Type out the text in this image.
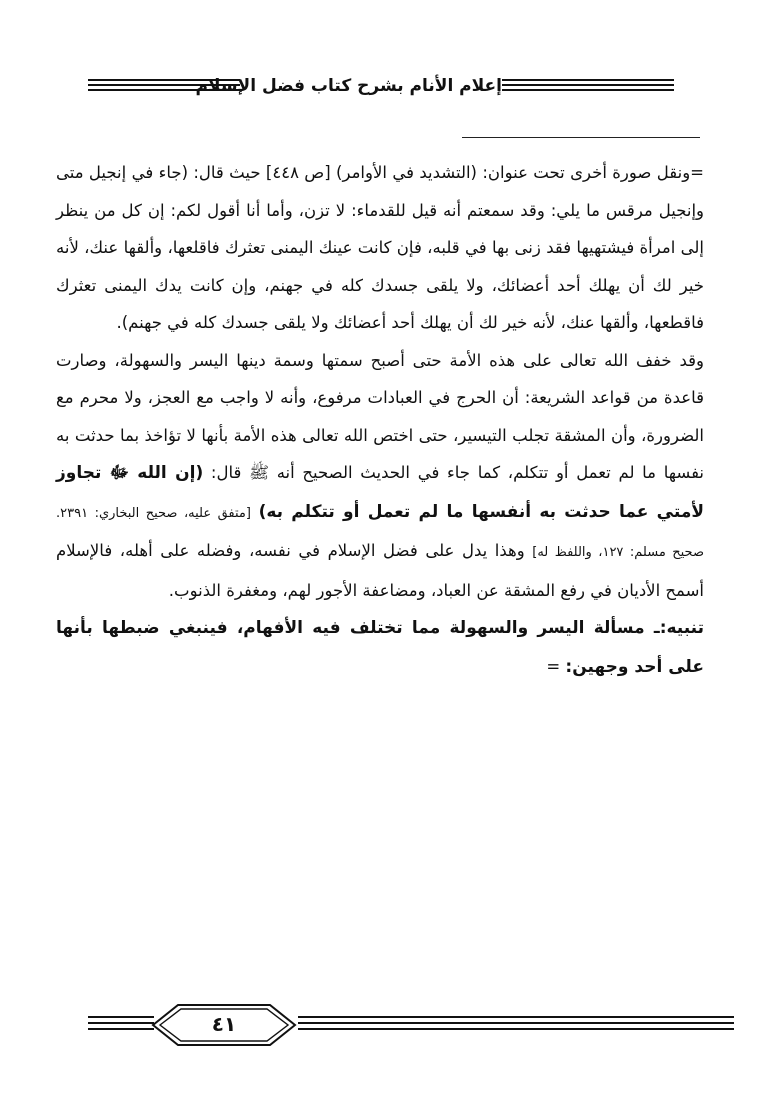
إعلام الأنام بشرح كتاب فضل الإسلام

=ونقل صورة أخرى تحت عنوان: (التشديد في الأوامر) [ص ٤٤٨] حيث قال: (جاء في إنجيل متى وإنجيل مرقس ما يلي: وقد سمعتم أنه قيل للقدماء: لا تزن، وأما أنا أقول لكم: إن كل من ينظر إلى امرأة فيشتهيها فقد زنى بها في قلبه، فإن كانت عينك اليمنى تعثرك فاقلعها، وألقها عنك، لأنه خير لك أن يهلك أحد أعضائك، ولا يلقى جسدك كله في جهنم، وإن كانت يدك اليمنى تعثرك فاقطعها، وألقها عنك، لأنه خير لك أن يهلك أحد أعضائك ولا يلقى جسدك كله في جهنم).

وقد خفف الله تعالى على هذه الأمة حتى أصبح سمتها وسمة دينها اليسر والسهولة، وصارت قاعدة من قواعد الشريعة: أن الحرج في العبادات مرفوع، وأنه لا واجب مع العجز، ولا محرم مع الضرورة، وأن المشقة تجلب التيسير، حتى اختص الله تعالى هذه الأمة بأنها لا تؤاخذ بما حدثت به نفسها ما لم تعمل أو تتكلم، كما جاء في الحديث الصحيح أنه ﷺ قال: (إن الله ﷻ تجاوز لأمتي عما حدثت به أنفسها ما لم تعمل أو تتكلم به) [متفق عليه، صحيح البخاري: ٢٣٩١. صحيح مسلم: ١٢٧، واللفظ له] وهذا يدل على فضل الإسلام في نفسه، وفضله على أهله، فالإسلام أسمح الأديان في رفع المشقة عن العباد، ومضاعفة الأجور لهم، ومغفرة الذنوب.

تنبيه:ـ مسألة اليسر والسهولة مما تختلف فيه الأفهام، فينبغي ضبطها بأنها على أحد وجهين: =

٤١
